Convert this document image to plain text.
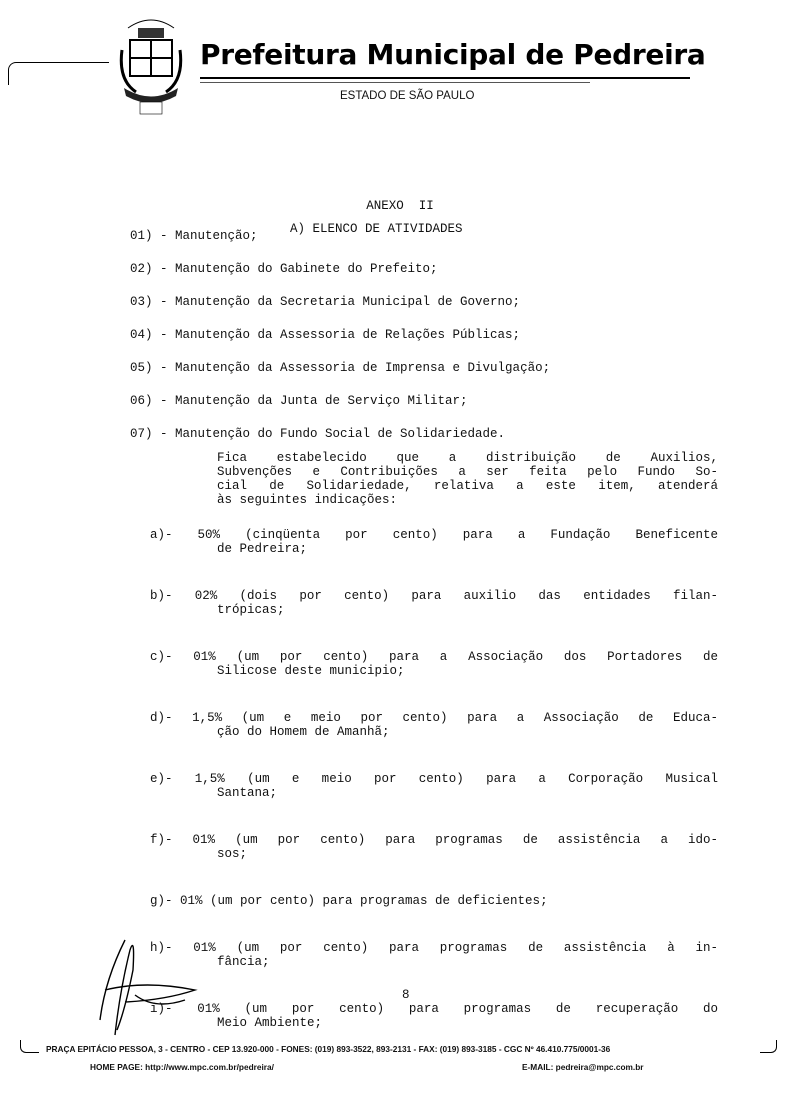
Prefeitura Municipal de Pedreira
ESTADO DE SÃO PAULO
ANEXO  II
A) ELENCO DE ATIVIDADES
8
PRAÇA EPITÁCIO PESSOA, 3 - CENTRO - CEP 13.920-000 - FONES: (019) 893-3522, 893-2131 - FAX: (019) 893-3185 - CGC Nº 46.410.775/0001-36
HOME PAGE: http://www.mpc.com.br/pedreira/	E-MAIL: pedreira@mpc.com.br
01) - Manutenção;
02) - Manutenção do Gabinete do Prefeito;
03) - Manutenção da Secretaria Municipal de Governo;
04) - Manutenção da Assessoria de Relações Públicas;
05) - Manutenção da Assessoria de Imprensa e Divulgação;
06) - Manutenção da Junta de Serviço Militar;
07) - Manutenção do Fundo Social de Solidariedade.
Fica estabelecido que a distribuição de Auxilios,
Subvenções e Contribuições a ser feita pelo Fundo So-
cial de Solidariedade, relativa a este item, atenderá
às seguintes indicações:
a)- 50% (cinqüenta por cento) para a Fundação Beneficente
de Pedreira;
b)- 02% (dois por cento) para auxilio das entidades filan-
trópicas;
c)- 01% (um por cento) para a Associação dos Portadores de
Silicose deste municipio;
d)- 1,5% (um e meio por cento) para a Associação de Educa-
ção do Homem de Amanhã;
e)- 1,5% (um e meio por cento) para a Corporação Musical
Santana;
f)- 01% (um por cento) para programas de assistência a ido-
sos;
g)- 01% (um por cento) para programas de deficientes;
h)- 01% (um por cento) para programas de assistência à in-
fância;
i)- 01% (um por cento) para programas de recuperação do
Meio Ambiente;
